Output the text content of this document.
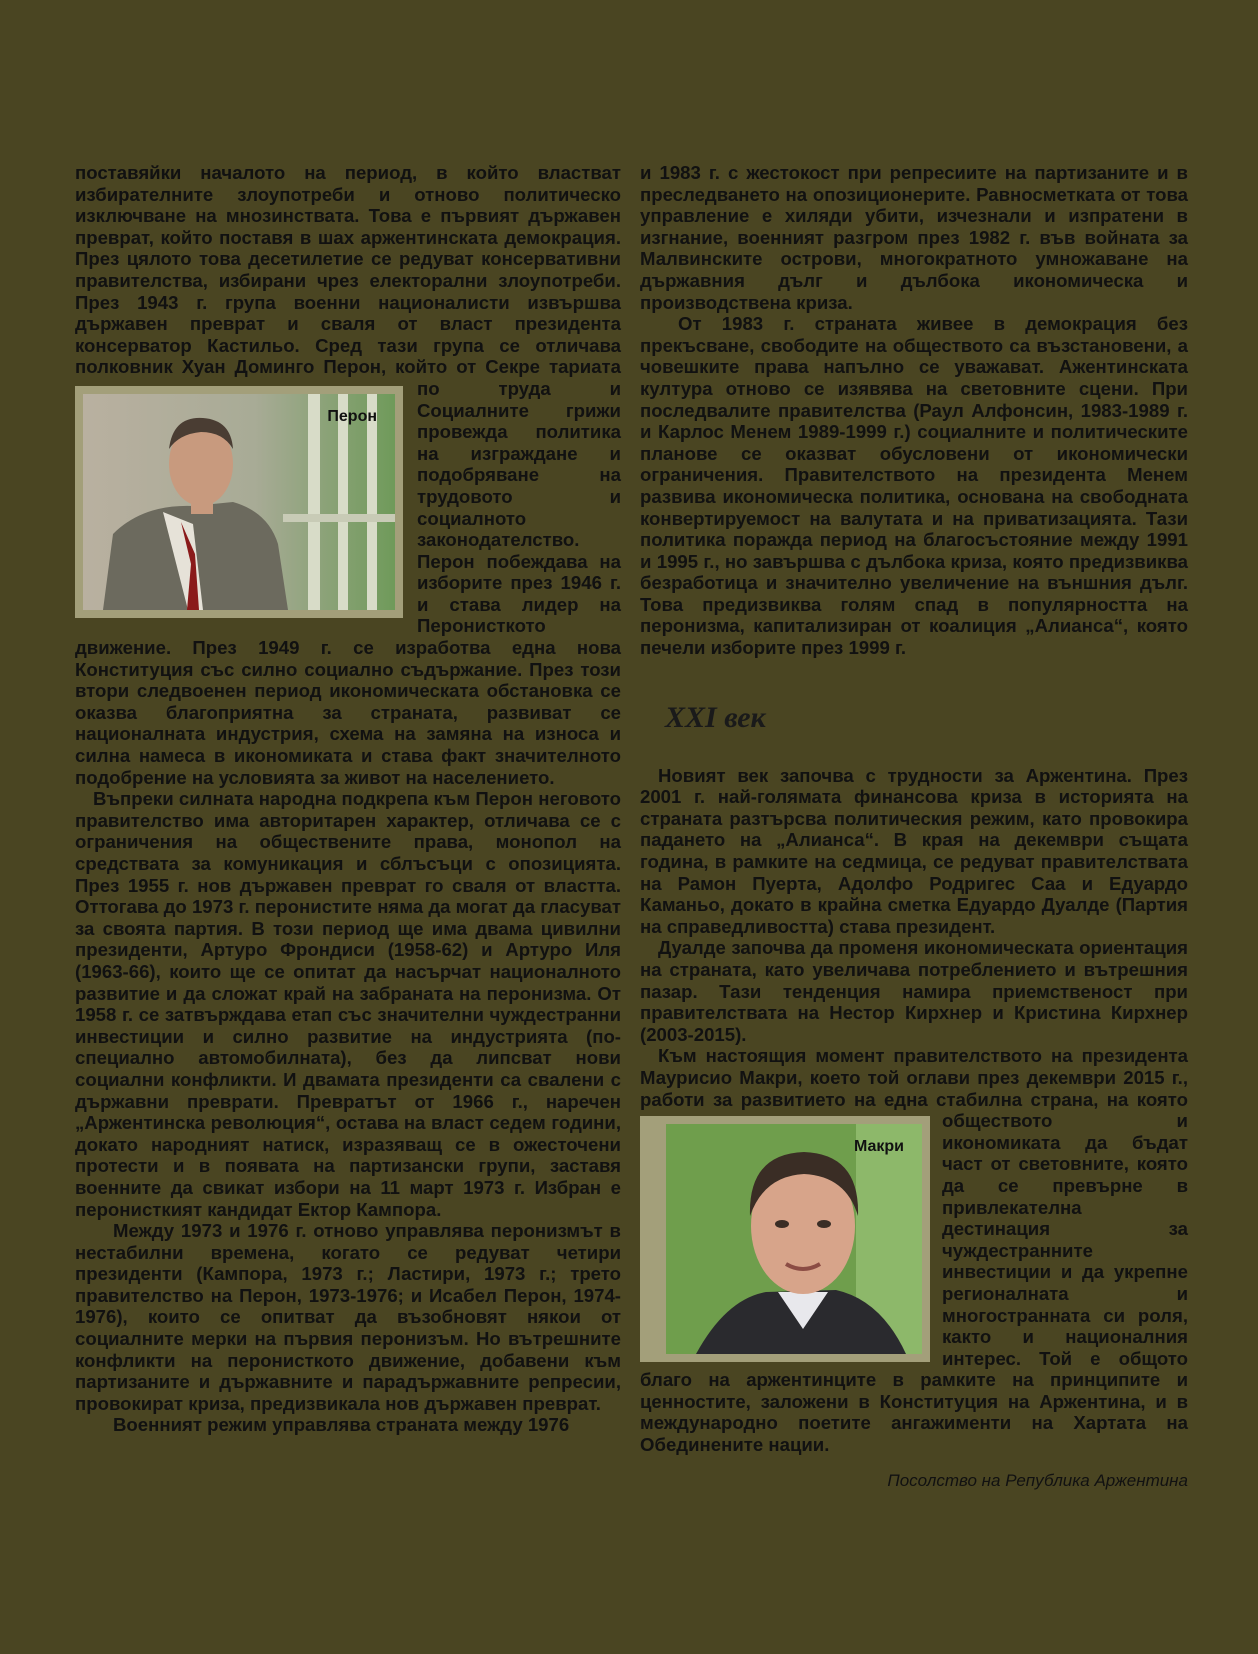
поставяйки началото на период, в който властват избирателните злоупотреби и отново политическо изключване на мнозинствата. Това е първият държавен преврат, който поставя в шах аржентинската демокрация. През цялото това десетилетие се редуват консервативни правителства, избирани чрез електорални злоупотреби. През 1943 г. група военни националисти извършва държавен преврат и сваля от власт президента консерватор Кастильо. Сред тази група се отличава полковник Хуан Доминго Перон, който от Секре
Перон
тариата по труда и Социалните грижи провежда политика на изграждане и подобряване на трудовото и социалното законодателство. Перон побеждава на изборите през 1946 г. и става лидер на Перонисткото движение. През 1949 г. се изработва една нова Конституция със силно социално съдържание. През този втори следвоенен период икономическата обстановка се оказва благоприятна за страната, развиват се националната индустрия, схема на замяна на износа и силна намеса в икономиката и става факт значителното подобрение на условията за живот на населението.

Въпреки силната народна подкрепа към Перон неговото правителство има авторитарен характер, отличава се с ограничения на обществените права, монопол на средствата за комуникация и сблъсъци с опозицията. През 1955 г. нов държавен преврат го сваля от властта. Оттогава до 1973 г. перонистите няма да могат да гласуват за своята партия. В този период ще има двама цивилни президенти, Артуро Фрондиси (1958-62) и Артуро Иля (1963-66), които ще се опитат да насърчат националното развитие и да сложат край на забраната на перонизма. От 1958 г. се затвърждава етап със значителни чуждестранни инвестиции и силно развитие на индустрията (по- специално автомобилната), без да липсват нови социални конфликти. И двамата президенти са свалени с държавни преврати. Превратът от 1966 г., наречен „Аржентинска революция“, остава на власт седем години, докато народният натиск, изразяващ се в ожесточени протести и в появата на партизански групи, заставя военните да свикат избори на 11 март 1973 г. Избран е перонисткият кандидат Ектор Кампора.

Между 1973 и 1976 г. отново управлява перонизмът в нестабилни времена, когато се редуват четири президенти (Кампора, 1973 г.; Ластири, 1973 г.; трето правителство на Перон, 1973-1976; и Исабел Перон, 1974-1976), които се опитват да възобновят някои от социалните мерки на първия перонизъм. Но вътрешните конфликти на перонисткото движение, добавени към партизаните и държавните и парадържавните репресии, провокират криза, предизвикала нов държавен преврат.

Военният режим управлява страната между 1976

и 1983 г. с жестокост при репресиите на партизаните и в преследването на опозиционерите. Равносметката от това управление е хиляди убити, изчезнали и изпратени в изгнание, военният разгром през 1982 г. във войната за Малвинските острови, многократното умножаване на държавния дълг и дълбока икономическа и производствена криза.

От 1983 г. страната живее в демокрация без прекъсване, свободите на обществото са възстановени, а човешките права напълно се уважават. Ажентинската култура отново се изявява на световните сцени. При последвалите правителства (Раул Алфонсин, 1983-1989 г. и Карлос Менем 1989-1999 г.) социалните и политическите планове се оказват обусловени от икономически ограничения. Правителството на президента Менем развива икономическа политика, основана на свободната конвертируемост на валутата и на приватизацията. Тази политика поражда период на благосъстояние между 1991 и 1995 г., но завършва с дълбока криза, която предизвиква безработица и значително увеличение на външния дълг. Това предизвиква голям спад в популярността на перонизма, капитализиран от коалиция „Алианса“, която печели изборите през 1999 г.

XXI век

Новият век започва с трудности за Аржентина. През 2001 г. най-голямата финансова криза в историята на страната разтърсва политическия режим, като провокира падането на „Алианса“. В края на декември същата година, в рамките на седмица, се редуват правителствата на Рамон Пуерта, Адолфо Родригес Саа и Едуардо Каманьо, докато в крайна сметка Едуардо Дуалде (Партия на справедливостта) става президент.

Дуалде започва да променя икономическата ориентация на страната, като увеличава потреблението и вътрешния пазар. Тази тенденция намира приемственост при правителствата на Нестор Кирхнер и Кристина Кирхнер (2003-2015).

Към настоящия момент правителството на президента Маурисио Макри, което той оглави през декември 2015 г., работи за развитието на една стабилна
Макри
страна, на която обществото и икономиката да бъдат част от световните, която да се превърне в привлекателна дестинация за чуждестранните инвестиции и да укрепне регионалната и многостранната си роля, както и националния интерес. Той е общото благо на аржентинците в рамките на принципите и ценностите, заложени в Конституция на Аржентина, и в международно поетите ангажименти на Хартата на Обединените нации.

Посолство на Република Аржентина
